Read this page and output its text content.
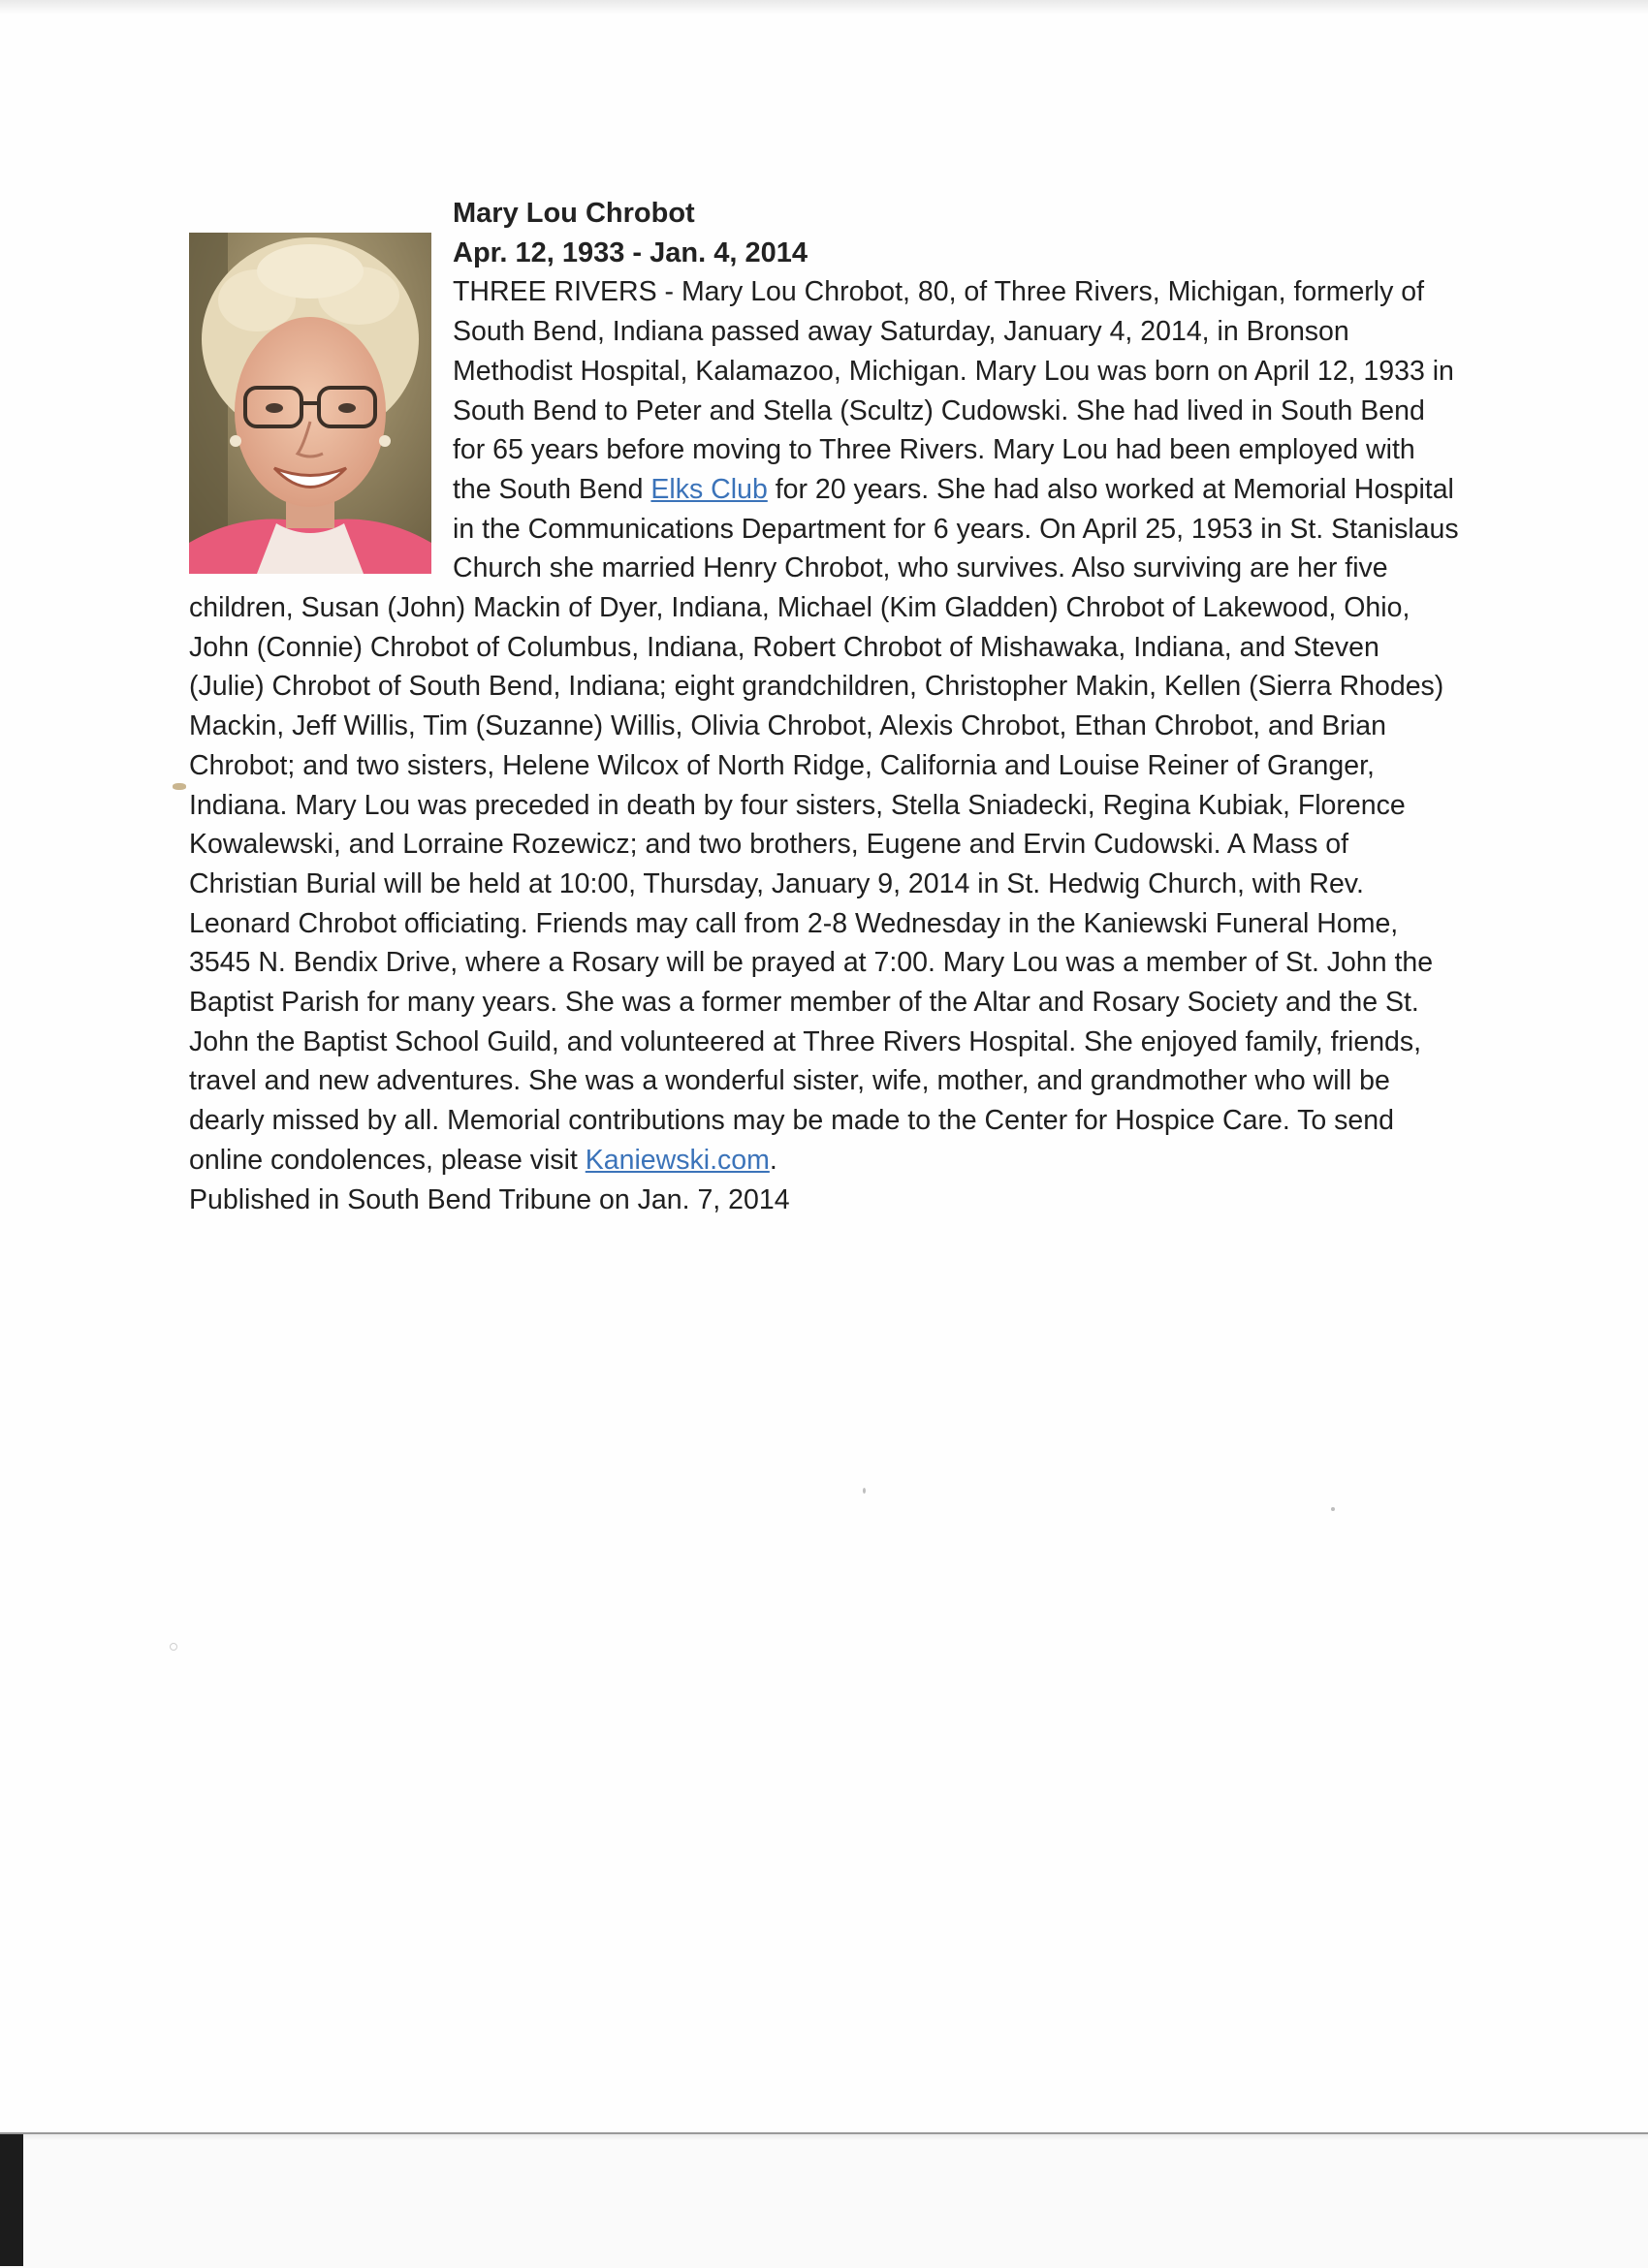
Mary Lou Chrobot
Apr. 12, 1933 - Jan. 4, 2014
THREE RIVERS - Mary Lou Chrobot, 80, of Three Rivers, Michigan, formerly of South Bend, Indiana passed away Saturday, January 4, 2014, in Bronson Methodist Hospital, Kalamazoo, Michigan. Mary Lou was born on April 12, 1933 in South Bend to Peter and Stella (Scultz) Cudowski. She had lived in South Bend for 65 years before moving to Three Rivers. Mary Lou had been employed with the South Bend Elks Club for 20 years. She had also worked at Memorial Hospital in the Communications Department for 6 years. On April 25, 1953 in St. Stanislaus Church she married Henry Chrobot, who survives. Also surviving are her five children, Susan (John) Mackin of Dyer, Indiana, Michael (Kim Gladden) Chrobot of Lakewood, Ohio, John (Connie) Chrobot of Columbus, Indiana, Robert Chrobot of Mishawaka, Indiana, and Steven (Julie) Chrobot of South Bend, Indiana; eight grandchildren, Christopher Makin, Kellen (Sierra Rhodes) Mackin, Jeff Willis, Tim (Suzanne) Willis, Olivia Chrobot, Alexis Chrobot, Ethan Chrobot, and Brian Chrobot; and two sisters, Helene Wilcox of North Ridge, California and Louise Reiner of Granger, Indiana. Mary Lou was preceded in death by four sisters, Stella Sniadecki, Regina Kubiak, Florence Kowalewski, and Lorraine Rozewicz; and two brothers, Eugene and Ervin Cudowski. A Mass of Christian Burial will be held at 10:00, Thursday, January 9, 2014 in St. Hedwig Church, with Rev. Leonard Chrobot officiating. Friends may call from 2-8 Wednesday in the Kaniewski Funeral Home, 3545 N. Bendix Drive, where a Rosary will be prayed at 7:00. Mary Lou was a member of St. John the Baptist Parish for many years. She was a former member of the Altar and Rosary Society and the St. John the Baptist School Guild, and volunteered at Three Rivers Hospital. She enjoyed family, friends, travel and new adventures. She was a wonderful sister, wife, mother, and grandmother who will be dearly missed by all. Memorial contributions may be made to the Center for Hospice Care. To send online condolences, please visit Kaniewski.com.
Published in South Bend Tribune on Jan. 7, 2014
